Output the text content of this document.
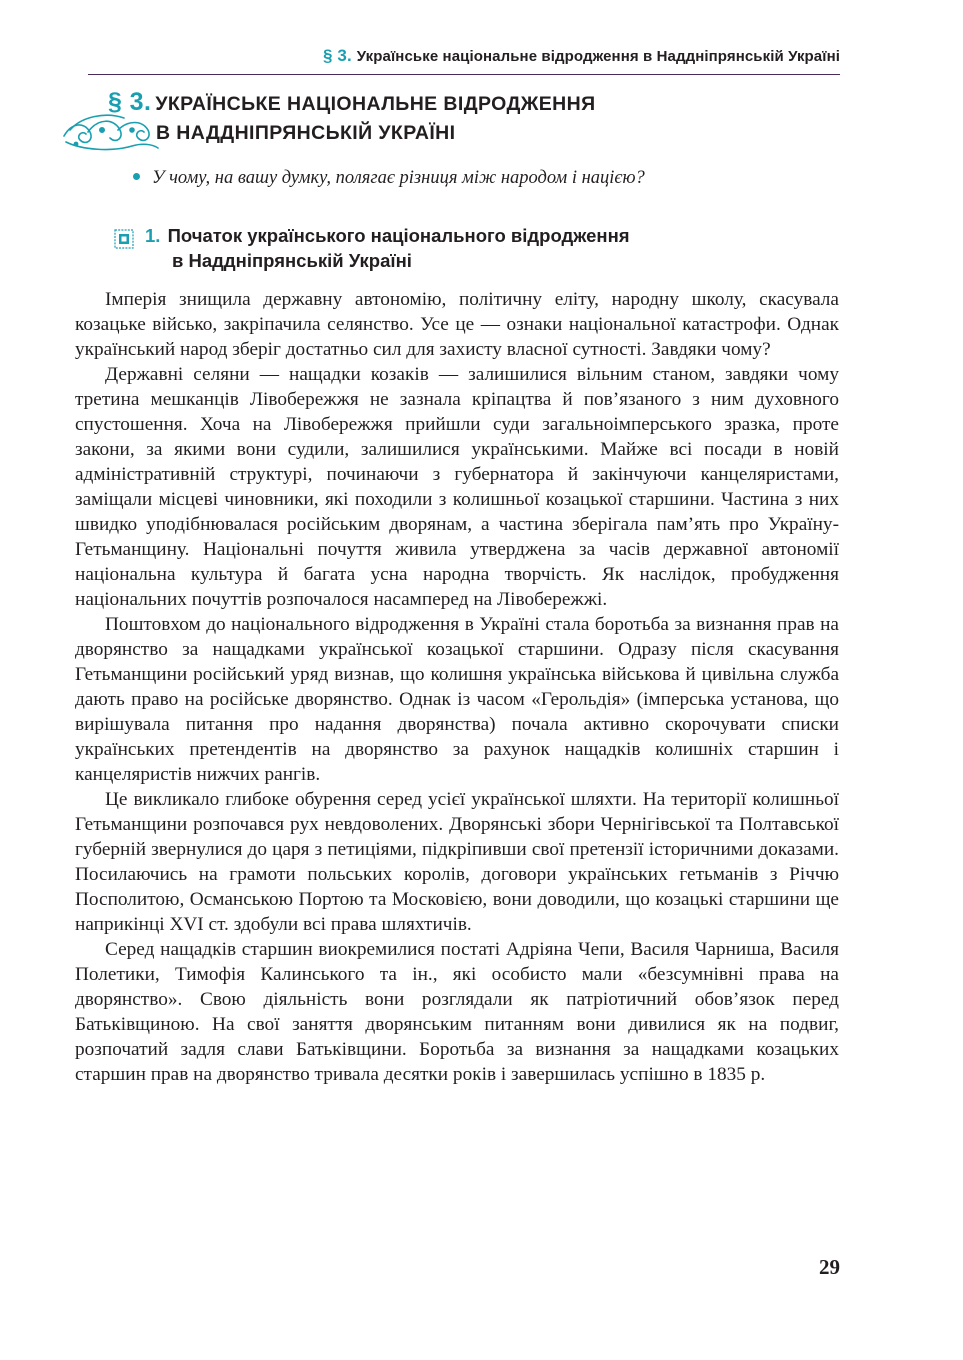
§ 3. Українське національне відродження в Наддніпрянській Україні
§ 3. УКРАЇНСЬКЕ НАЦІОНАЛЬНЕ ВІДРОДЖЕННЯ
В НАДДНІПРЯНСЬКІЙ УКРАЇНІ
У чому, на вашу думку, полягає різниця між народом і нацією?
1. Початок українського національного відродження
в Наддніпрянській Україні

Імперія знищила державну автономію, політичну еліту, народну школу, скасувала козацьке військо, закріпачила селянство. Усе це — ознаки національної катастрофи. Однак український народ зберіг достатньо сил для захисту власної сутності. Завдяки чому?

Державні селяни — нащадки козаків — залишилися вільним станом, завдяки чому третина мешканців Лівобережжя не зазнала кріпацтва й пов’язаного з ним духовного спустошення. Хоча на Лівобережжя прийшли суди загальноімперського зразка, проте закони, за якими вони судили, залишилися українськими. Майже всі посади в новій адміністративній структурі, починаючи з губернатора й закінчуючи канцеляристами, заміщали місцеві чиновники, які походили з колишньої козацької старшини. Частина з них швидко уподібнювалася російським дворянам, а частина зберігала пам’ять про Україну-Гетьманщину. Національні почуття живила утверджена за часів державної автономії національна культура й багата усна народна творчість. Як наслідок, пробудження національних почуттів розпочалося насамперед на Лівобережжі.

Поштовхом до національного відродження в Україні стала боротьба за визнання прав на дворянство за нащадками української козацької старшини. Одразу після скасування Гетьманщини російський уряд визнав, що колишня українська військова й цивільна служба дають право на російське дворянство. Однак із часом «Герольдія» (імперська установа, що вирішувала питання про надання дворянства) почала активно скорочувати списки українських претендентів на дворянство за рахунок нащадків колишніх старшин і канцеляристів нижчих рангів.

Це викликало глибоке обурення серед усієї української шляхти. На території колишньої Гетьманщини розпочався рух невдоволених. Дворянські збори Чернігівської та Полтавської губерній звернулися до царя з петиціями, підкріпивши свої претензії історичними доказами. Посилаючись на грамоти польських королів, договори українських гетьманів з Річчю Посполитою, Османською Портою та Московією, вони доводили, що козацькі старшини ще наприкінці XVI ст. здобули всі права шляхтичів.

Серед нащадків старшин виокремилися постаті Адріяна Чепи, Василя Чарниша, Василя Полетики, Тимофія Калинського та ін., які особисто мали «безсумнівні права на дворянство». Свою діяльність вони розглядали як патріотичний обов’язок перед Батьківщиною. На свої заняття дворянським питанням вони дивилися як на подвиг, розпочатий задля слави Батьківщини. Боротьба за визнання за нащадками козацьких старшин прав на дворянство тривала десятки років і завершилась успішно в 1835 р.

29
